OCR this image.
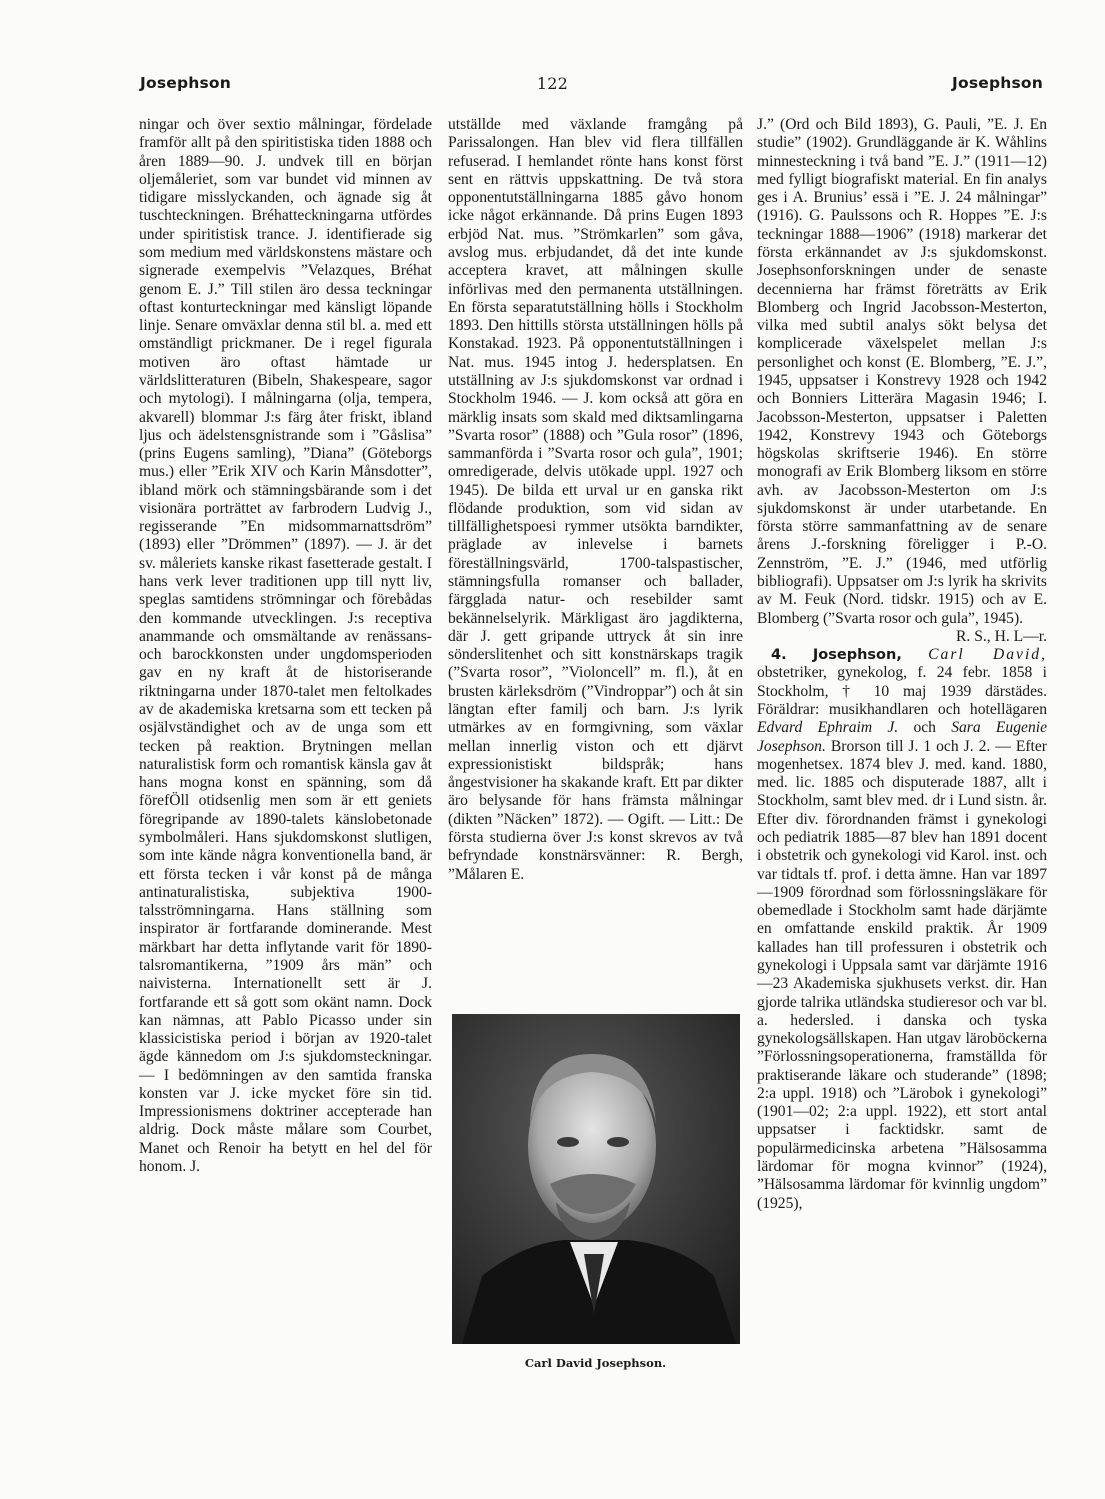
Josephson	122	Josephson

ningar och över sextio målningar, fördelade framför allt på den spiritistiska tiden 1888 och åren 1889—90. J. undvek till en början oljemåleriet, som var bundet vid minnen av tidigare misslyckanden, och ägnade sig åt tuschteckningen. Bréhatteckningarna utfördes under spiritistisk trance. J. identifierade sig som medium med världskonstens mästare och signerade exempelvis ”Velazques, Bréhat genom E. J.” Till stilen äro dessa teckningar oftast konturteckningar med känsligt löpande linje. Senare omväxlar denna stil bl. a. med ett omständligt prickmaner. De i regel figurala motiven äro oftast hämtade ur världslitteraturen (Bibeln, Shakespeare, sagor och mytologi). I målningarna (olja, tempera, akvarell) blommar J:s färg åter friskt, ibland ljus och ädelstensgnistrande som i ”Gåslisa” (prins Eugens samling), ”Diana” (Göteborgs mus.) eller ”Erik XIV och Karin Månsdotter”, ibland mörk och stämningsbärande som i det visionära porträttet av farbrodern Ludvig J., regisserande ”En midsommarnattsdröm” (1893) eller ”Drömmen” (1897). — J. är det sv. måleriets kanske rikast fasetterade gestalt. I hans verk lever traditionen upp till nytt liv, speglas samtidens strömningar och förebådas den kommande utvecklingen. J:s receptiva anammande och omsmältande av renässans- och barockkonsten under ungdomsperioden gav en ny kraft åt de historiserande riktningarna under 1870-talet men feltolkades av de akademiska kretsarna som ett tecken på osjälvständighet och av de unga som ett tecken på reaktion. Brytningen mellan naturalistisk form och romantisk känsla gav åt hans mogna konst en spänning, som då förefÖll otidsenlig men som är ett geniets föregripande av 1890-talets känslobetonade symbolmåleri. Hans sjukdomskonst slutligen, som inte kände några konventionella band, är ett första tecken i vår konst på de många antinaturalistiska, subjektiva 1900-talsströmningarna. Hans ställning som inspirator är fortfarande dominerande. Mest märkbart har detta inflytande varit för 1890-talsromantikerna, ”1909 års män” och naivisterna. Internationellt sett är J. fortfarande ett så gott som okänt namn. Dock kan nämnas, att Pablo Picasso under sin klassicistiska period i början av 1920-talet ägde kännedom om J:s sjukdomsteckningar. — I bedömningen av den samtida franska konsten var J. icke mycket före sin tid. Impressionismens doktriner accepterade han aldrig. Dock måste målare som Courbet, Manet och Renoir ha betytt en hel del för honom. J.

utställde med växlande framgång på Parissalongen. Han blev vid flera tillfällen refuserad. I hemlandet rönte hans konst först sent en rättvis uppskattning. De två stora opponentutställningarna 1885 gåvo honom icke något erkännande. Då prins Eugen 1893 erbjöd Nat. mus. ”Strömkarlen” som gåva, avslog mus. erbjudandet, då det inte kunde acceptera kravet, att målningen skulle införlivas med den permanenta utställningen. En första separatutställning hölls i Stockholm 1893. Den hittills största utställningen hölls på Konstakad. 1923. På opponentutställningen i Nat. mus. 1945 intog J. hedersplatsen. En utställning av J:s sjukdomskonst var ordnad i Stockholm 1946. — J. kom också att göra en märklig insats som skald med diktsamlingarna ”Svarta rosor” (1888) och ”Gula rosor” (1896, sammanförda i ”Svarta rosor och gula”, 1901; omredigerade, delvis utökade uppl. 1927 och 1945). De bilda ett urval ur en ganska rikt flödande produktion, som vid sidan av tillfällighetspoesi rymmer utsökta barndikter, präglade av inlevelse i barnets föreställningsvärld, 1700-talspastischer, stämningsfulla romanser och ballader, färgglada natur- och resebilder samt bekännelselyrik. Märkligast äro jagdikterna, där J. gett gripande uttryck åt sin inre sönderslitenhet och sitt konstnärskaps tragik (”Svarta rosor”, ”Violoncell” m. fl.), åt en brusten kärleksdröm (”Vindroppar”) och åt sin längtan efter familj och barn. J:s lyrik utmärkes av en formgivning, som växlar mellan innerlig viston och ett djärvt expressionistiskt bildspråk; hans ångestvisioner ha skakande kraft. Ett par dikter äro belysande för hans främsta målningar (dikten ”Näcken” 1872). — Ogift. — Litt.: De första studierna över J:s konst skrevos av två befryndade konstnärsvänner: R. Bergh, ”Målaren E.

Carl David Josephson.

J.” (Ord och Bild 1893), G. Pauli, ”E. J. En studie” (1902). Grundläggande är K. Wåhlins minnesteckning i två band ”E. J.” (1911—12) med fylligt biografiskt material. En fin analys ges i A. Brunius’ essä i ”E. J. 24 målningar” (1916). G. Paulssons och R. Hoppes ”E. J:s teckningar 1888—1906” (1918) markerar det första erkännandet av J:s sjukdomskonst. Josephsonforskningen under de senaste decennierna har främst företrätts av Erik Blomberg och Ingrid Jacobsson-Mesterton, vilka med subtil analys sökt belysa det komplicerade växelspelet mellan J:s personlighet och konst (E. Blomberg, ”E. J.”, 1945, uppsatser i Konstrevy 1928 och 1942 och Bonniers Litterära Magasin 1946; I. Jacobsson-Mesterton, uppsatser i Paletten 1942, Konstrevy 1943 och Göteborgs högskolas skriftserie 1946). En större monografi av Erik Blomberg liksom en större avh. av Jacobsson-Mesterton om J:s sjukdomskonst är under utarbetande. En första större sammanfattning av de senare årens J.-forskning föreligger i P.-O. Zennström, ”E. J.” (1946, med utförlig bibliografi). Uppsatser om J:s lyrik ha skrivits av M. Feuk (Nord. tidskr. 1915) och av E. Blomberg (”Svarta rosor och gula”, 1945).
R. S., H. L—r.

4. Josephson, Carl David, obstetriker, gynekolog, f. 24 febr. 1858 i Stockholm, † 10 maj 1939 därstädes. Föräldrar: musikhandlaren och hotellägaren Edvard Ephraim J. och Sara Eugenie Josephson. Brorson till J. 1 och J. 2. — Efter mogenhetsex. 1874 blev J. med. kand. 1880, med. lic. 1885 och disputerade 1887, allt i Stockholm, samt blev med. dr i Lund sistn. år. Efter div. förordnanden främst i gynekologi och pediatrik 1885—87 blev han 1891 docent i obstetrik och gynekologi vid Karol. inst. och var tidtals tf. prof. i detta ämne. Han var 1897—1909 förordnad som förlossningsläkare för obemedlade i Stockholm samt hade därjämte en omfattande enskild praktik. År 1909 kallades han till professuren i obstetrik och gynekologi i Uppsala samt var därjämte 1916—23 Akademiska sjukhusets verkst. dir. Han gjorde talrika utländska studieresor och var bl. a. hedersled. i danska och tyska gynekologsällskapen. Han utgav läroböckerna ”Förlossningsoperationerna, framställda för praktiserande läkare och studerande” (1898; 2:a uppl. 1918) och ”Lärobok i gynekologi” (1901—02; 2:a uppl. 1922), ett stort antal uppsatser i facktidskr. samt de populärmedicinska arbetena ”Hälsosamma lärdomar för mogna kvinnor” (1924), ”Hälsosamma lärdomar för kvinnlig ungdom” (1925),
